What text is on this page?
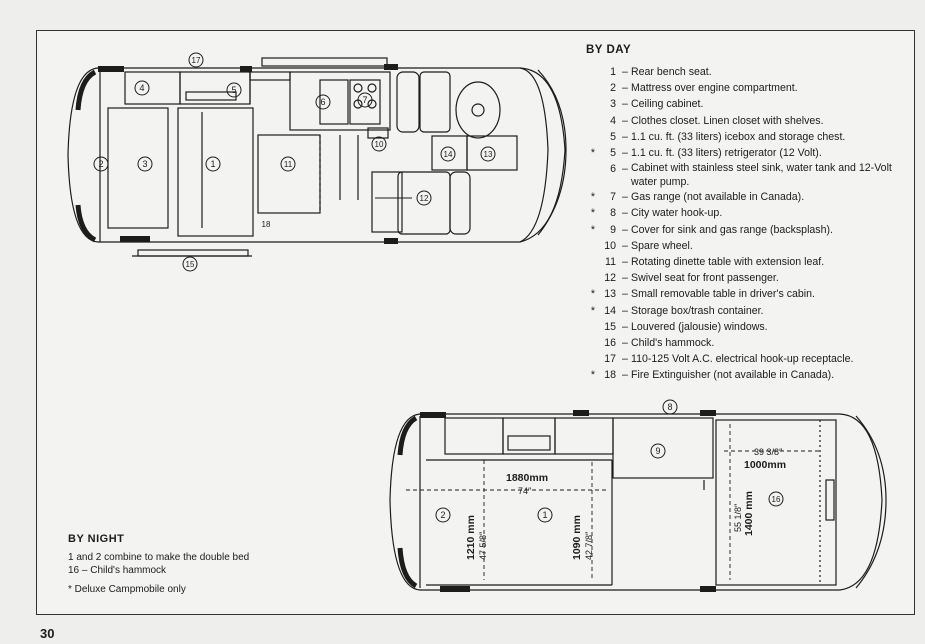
2	3	1
4	5
6	7
10
11
12
13
14
15
17
18
2	1
9
16
8
1880mm
74″
39 3/8″
1000mm
1210 mm 47 5/8″	1090 mm 42 7/8″
55 1/8″ 1400 mm
BY DAY
1 – Rear bench seat.
2 – Mattress over engine compartment.
3 – Ceiling cabinet.
4 – Clothes closet. Linen closet with shelves.
5 – 1.1 cu. ft. (33 liters) icebox and storage chest.
*	5 – 1.1 cu. ft. (33 liters) retrigerator (12 Volt).
6 – Cabinet with stainless steel sink, water tank and 12-Volt water pump.
*	7 – Gas range (not available in Canada).
*	8 – City water hook-up.
*	9 – Cover for sink and gas range (backsplash).
10 – Spare wheel.
11 – Rotating dinette table with extension leaf.
12 – Swivel seat for front passenger.
* 13 – Small removable table in driver's cabin.
* 14 – Storage box/trash container.
15 – Louvered (jalousie) windows.
16 – Child's hammock.
17 – 110-125 Volt A.C. electrical hook-up receptacle.
* 18 – Fire Extinguisher (not available in Canada).
BY NIGHT
1 and 2 combine to make the double bed
16 – Child's hammock
* Deluxe Campmobile only
30
